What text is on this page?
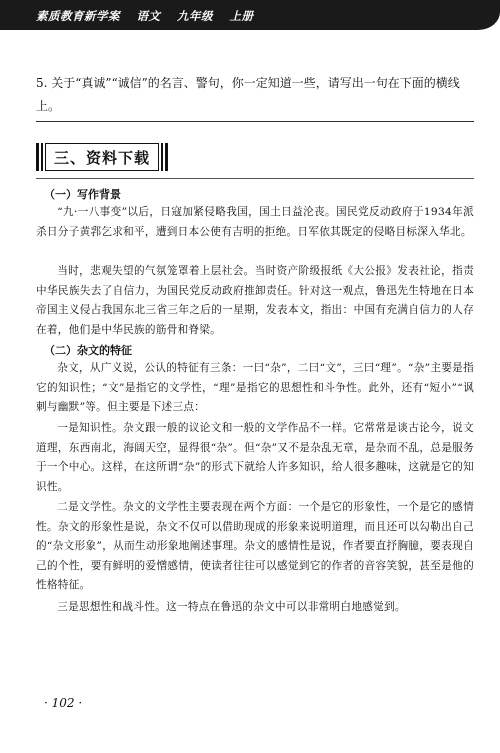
素质教育新学案 语文 九年级 上册

5. 关于“真诚”“诚信”的名言、警句，你一定知道一些，请写出一句在下面的横线上。

三、资料下载
（一）写作背景

“九·一八事变”以后，日寇加紧侵略我国，国土日益沦丧。国民党反动政府于1934年派杀日分子黄郛乞求和平，遭到日本公使有吉明的拒绝。日军依其既定的侵略目标深入华北。

当时，悲观失望的气氛笼罩着上层社会。当时资产阶级报纸《大公报》发表社论，指责中华民族失去了自信力，为国民党反动政府推卸责任。针对这一观点，鲁迅先生特地在日本帝国主义侵占我国东北三省三年之后的一星期，发表本文，指出：中国有充满自信力的人存在着，他们是中华民族的筋骨和脊梁。

（二）杂文的特征

杂文，从广义说，公认的特征有三条：一曰“杂”，二曰“文”，三曰“理”。“杂”主要是指它的知识性；“文”是指它的文学性，“理”是指它的思想性和斗争性。此外，还有“短小”“讽刺与幽默”等。但主要是下述三点：

一是知识性。杂文跟一般的议论文和一般的文学作品不一样。它常常是谈古论今，说文道理，东西南北，海阔天空，显得很“杂”。但“杂”又不是杂乱无章，是杂而不乱，总是服务于一个中心。这样，在这所谓“杂”的形式下就给人许多知识，给人很多趣味，这就是它的知识性。

二是文学性。杂文的文学性主要表现在两个方面：一个是它的形象性，一个是它的感情性。杂文的形象性是说，杂文不仅可以借助现成的形象来说明道理，而且还可以勾勒出自己的“杂文形象”，从而生动形象地阐述事理。杂文的感情性是说，作者要直抒胸臆，要表现自己的个性，要有鲜明的爱憎感情，使读者往往可以感觉到它的作者的音容笑貌，甚至是他的性格特征。

三是思想性和战斗性。这一特点在鲁迅的杂文中可以非常明白地感觉到。

· 102 ·
